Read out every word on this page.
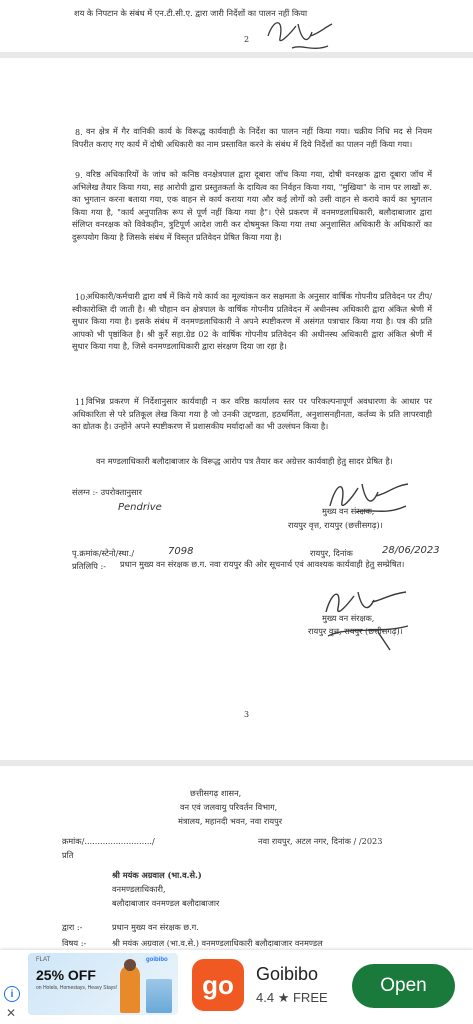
शय के निपटान के संबंध में एन.टी.सी.ए. द्वारा जारी निर्देशों का पालन नहीं किया
2
8. वन क्षेत्र में गैर वानिकी कार्य के विरूद्ध कार्यवाही के निर्देश का पालन नहीं किया गया। चक्रीय निधि मद से नियम विपरीत कराए गए कार्य में दोषी अधिकारी का नाम प्रस्तावित करने के संबंध में दिये निर्देशों का पालन नहीं किया गया।
9. वरिष्ठ अधिकारियों के जांच को कनिष्ठ वनक्षेत्रपाल द्वारा दूबारा जॉच किया गया, दोषी वनरक्षक द्वारा दूबारा जॉच में अभिलेख तैयार किया गया, सह आरोपी द्वारा प्रस्तुतकर्ता के दायित्व का निर्वहन किया गया, "मुखिया" के नाम पर लाखों रू. का भुगतान करना बताया गया, एक वाहन से कार्य कराया गया और कई लोगों को उसी वाहन से कराये कार्य का भुगतान किया गया है, "कार्य अनुपातिक रूप से पूर्ण नहीं किया गया है"। ऐसे प्रकरण में वनमण्डलाधिकारी, बलौदाबाजार द्वारा संलिप्त वनरक्षक को विवेकहीन, त्रुटिपूर्ण आदेश जारी कर दोषमुक्त किया गया तथा अनुशासित अधिकारी के अधिकारों का दुरूपयोग किया है जिसके संबंध में विस्तृत प्रतिवेदन प्रेषित किया गया है।
10.
अधिकारी/कर्मचारी द्वारा वर्ष में किये गये कार्य का मूल्यांकन कर सक्षमता के अनुसार वार्षिक गोपनीय प्रतिवेदन पर टीप/स्वीकारोक्ति दी जाती है। श्री चौहान वन क्षेत्रपाल के वार्षिक गोपनीय प्रतिवेदन में अधीनस्थ अधिकारी द्वारा अंकित श्रेणी में सुधार किया गया है। इसके संबंध में वनमण्डलाधिकारी ने अपने स्पष्टीकरण में असंगत पत्राचार किया गया है। पत्र की प्रति आपको भी पृष्ठांकित है। श्री कुर्रे सहा.ग्रेड 02 के वार्षिक गोपनीय प्रतिवेदन की अधीनस्थ अधिकारी द्वारा अंकित श्रेणी में सुधार किया गया है, जिसे वनमण्डलाधिकारी द्वारा संरक्षण दिया जा रहा है।
11.
विभिन्न प्रकरण में निर्देशानुसार कार्यवाही न कर वरिष्ठ कार्यालय स्तर पर परिकल्पनापूर्ण अवधारणा के आधार पर अधिकारिता से परे प्रतिकूल लेख किया गया है जो उनकी उद्दण्डता, हठधर्मिता, अनुशासनहीनता, कर्तव्य के प्रति लापरवाही का द्योतक है। उन्होंने अपने स्पष्टीकरण में प्रशासकीय मर्यादाओं का भी उल्लंघन किया है।
वन मण्डलाधिकारी बलौदाबाजार के विरूद्ध आरोप पत्र तैयार कर अग्रेत्तर कार्यवाही हेतु सादर प्रेषित है।
संलग्न :- उपरोक्तानुसार
Pendrive	मुख्य वन संरक्षक,
रायपुर वृत्त, रायपुर (छत्तीसगढ़)।
पृ.क्रमांक/स्टेनो/स्था./	7098	रायपुर, दिनांक	28/06/2023
प्रतिलिपि :- प्रधान मुख्य वन संरक्षक छ.ग. नवा रायपुर की ओर सूचनार्थ एवं आवश्यक कार्यवाही हेतु सम्प्रेषित।
मुख्य वन संरक्षक,
रायपुर वृत्त, रायपुर (छत्तीसगढ़)।
3
छत्तीसगढ़ शासन,
वन एवं जलवायु परिवर्तन विभाग,
मंत्रालय, महानदी भवन, नवा रायपुर
क्रमांक/........................../	नवा रायपुर, अटल नगर, दिनांक / /2023
प्रति
श्री मयंक अग्रवाल (भा.व.से.)
वनमण्डलाधिकारी,
बलौदाबाजार वनमण्डल बलौदाबाजार
द्वारा :-	प्रधान मुख्य वन संरक्षक छ.ग.
विषय :-	श्री मयंक अग्रवाल (भा.व.से.) वनमण्डलाधिकारी बलौदाबाजार वनमण्डल
i
✕
FLAT
25% OFF
on Hotels, Homestays, Heavy Stays!
goibibo
go	Goibibo
4.4 ★ FREE
Open
